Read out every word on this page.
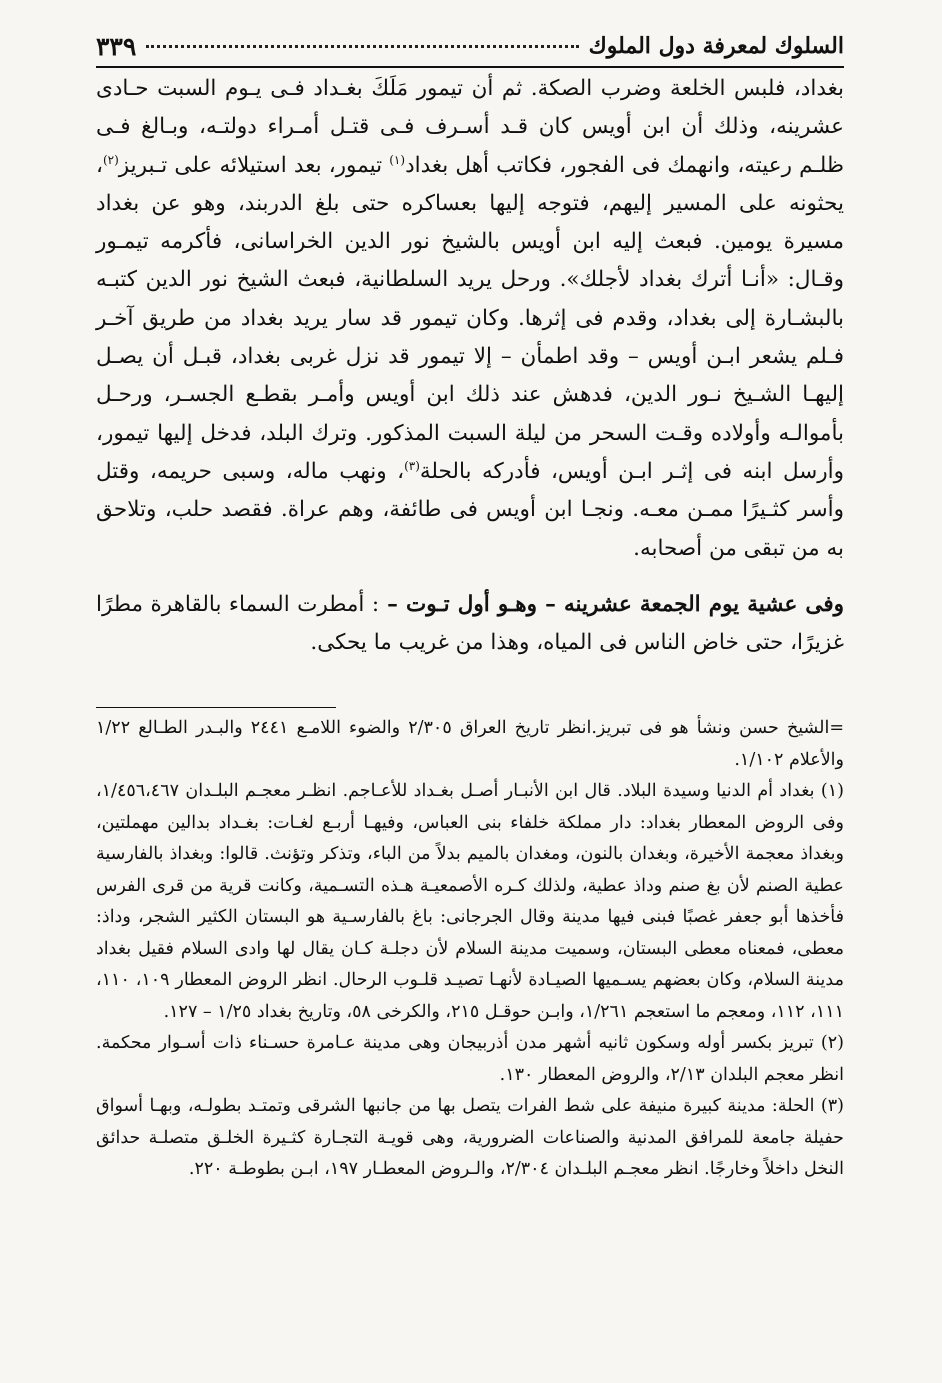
السلوك لمعرفة دول الملوك
٣٣٩

بغداد، فلبس الخلعة وضرب الصكة. ثم أن تيمور مَلَكَ بغـداد فـى يـوم السبت حـادى عشرينه، وذلك أن ابن أويس كان قـد أسـرف فـى قتـل أمـراء دولتـه، وبـالغ فـى ظلـم رعيته، وانهمك فى الفجور، فكاتب أهل بغداد$^{(١)}$ تيمور، بعد استيلائه على تـبريز$^{(٢)}$، يحثونه على المسير إليهم، فتوجه إليها بعساكره حتى بلغ الدربند، وهو عن بغداد مسيرة يومين. فبعث إليه ابن أويس بالشيخ نور الدين الخراسانى، فأكرمه تيمـور وقـال: «أنـا أترك بغداد لأجلك». ورحل يريد السلطانية، فبعث الشيخ نور الدين كتبـه بالبشـارة إلى بغداد، وقدم فى إثرها. وكان تيمور قد سار يريد بغداد من طريق آخـر فـلم يشعر ابـن أويس – وقد اطمأن – إلا تيمور قد نزل غربى بغداد، قبـل أن يصـل إليهـا الشـيخ نـور الدين، فدهش عند ذلك ابن أويس وأمـر بقطـع الجسـر، ورحـل بأموالـه وأولاده وقـت السحر من ليلة السبت المذكور. وترك البلد، فدخل إليها تيمور، وأرسل ابنه فى إثـر ابـن أويس، فأدركه بالحلة$^{(٣)}$، ونهب ماله، وسبى حريمه، وقتل وأسر كثـيرًا ممـن معـه. ونجـا ابن أويس فى طائفة، وهم عراة. فقصد حلب، وتلاحق به من تبقى من أصحابه.

وفى عشية يوم الجمعة عشرينه – وهـو أول تـوت – : أمطرت السماء بالقاهرة مطرًا غزيرًا، حتى خاض الناس فى المياه، وهذا من غريب ما يحكى.

=الشيخ حسن ونشأ هو فى تبريز.انظر تاريخ العراق ٢/٣٠٥ والضوء اللامـع ٢٤٤١ والبـدر الطـالع ١/٢٢ والأعلام ١/١٠٢.

(١) بغداد أم الدنيا وسيدة البلاد. قال ابن الأنبـار أصـل بغـداد للأعـاجم. انظـر معجـم البلـدان ١/٤٥٦،٤٦٧، وفى الروض المعطار بغداد: دار مملكة خلفاء بنى العباس، وفيهـا أربـع لغـات: بغـداد بدالين مهملتين، وبغداذ معجمة الأخيرة، وبغدان بالنون، ومغدان بالميم بدلاً من الباء، وتذكر وتؤنث. قالوا: وبغداذ بالفارسية عطية الصنم لأن بغ صنم وداذ عطية، ولذلك كـره الأصمعيـة هـذه التسـمية، وكانت قرية من قرى الفرس فأخذها أبو جعفر غصبًا فبنى فيها مدينة وقال الجرجانى: باغ بالفارسـية هو البستان الكثير الشجر، وداذ: معطى، فمعناه معطى البستان، وسميت مدينة السلام لأن دجلـة كـان يقال لها وادى السلام فقيل بغداد مدينة السلام، وكان بعضهم يسـميها الصيـادة لأنهـا تصيـد قلـوب الرحال. انظر الروض المعطار ١٠٩، ١١٠، ١١١، ١١٢، ومعجم ما استعجم ١/٢٦١، وابـن حوقـل ٢١٥، والكرخى ٥٨، وتاريخ بغداد ١/٢٥ – ١٢٧.

(٢) تبريز بكسر أوله وسكون ثانيه أشهر مدن أذربيجان وهى مدينة عـامرة حسـناء ذات أسـوار محكمة. انظر معجم البلدان ٢/١٣، والروض المعطار ١٣٠.

(٣) الحلة: مدينة كبيرة منيفة على شط الفرات يتصل بها من جانبها الشرقى وتمتـد بطولـه، وبهـا أسواق حفيلة جامعة للمرافق المدنية والصناعات الضرورية، وهى قويـة التجـارة كثـيرة الخلـق متصلـة حدائق النخل داخلاً وخارجًا. انظر معجـم البلـدان ٢/٣٠٤، والـروض المعطـار ١٩٧، ابـن بطوطـة ٢٢٠.
